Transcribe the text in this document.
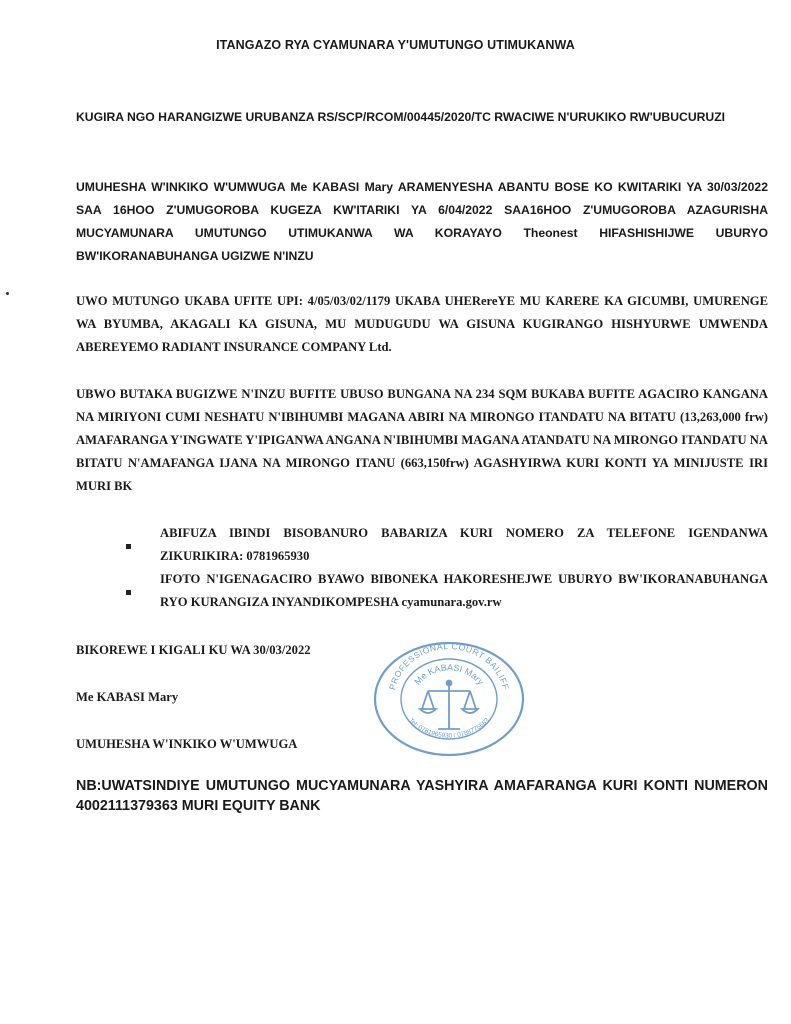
ITANGAZO RYA CYAMUNARA Y'UMUTUNGO UTIMUKANWA
KUGIRA NGO HARANGIZWE URUBANZA RS/SCP/RCOM/00445/2020/TC RWACIWE N'URUKIKO RW'UBUCURUZI
UMUHESHA W'INKIKO W'UMWUGA Me KABASI Mary ARAMENYESHA ABANTU BOSE KO KWITARIKI YA 30/03/2022 SAA 16HOO Z'UMUGOROBA KUGEZA KW'ITARIKI YA 6/04/2022 SAA16HOO Z'UMUGOROBA AZAGURISHA MUCYAMUNARA UMUTUNGO UTIMUKANWA WA KORAYAYO Theonest HIFASHISHIJWE UBURYO BW'IKORANABUHANGA UGIZWE N'INZU
UWO MUTUNGO UKABA UFITE UPI: 4/05/03/02/1179 UKABA UHERereYE MU KARERE KA GICUMBI, UMURENGE WA BYUMBA, AKAGALI KA GISUNA, MU MUDUGUDU WA GISUNA KUGIRANGO HISHYURWE UMWENDA ABEREYEMO RADIANT INSURANCE COMPANY Ltd.
UBWO BUTAKA BUGIZWE N'INZU BUFITE UBUSO BUNGANA NA 234 SQM BUKABA BUFITE AGACIRO KANGANA NA MIRIYONI CUMI NESHATU N'IBIHUMBI MAGANA ABIRI NA MIRONGO ITANDATU NA BITATU (13,263,000 frw) AMAFARANGA Y'INGWATE Y'IPIGANWA ANGANA N'IBIHUMBI MAGANA ATANDATU NA MIRONGO ITANDATU NA BITATU N'AMAFANGA IJANA NA MIRONGO ITANU (663,150frw) AGASHYIRWA KURI KONTI YA MINIJUSTE IRI MURI BK
ABIFUZA IBINDI BISOBANURO BABARIZA KURI NOMERO ZA TELEFONE IGENDANWA ZIKURIKIRA: 0781965930
IFOTO N'IGENAGACIRO BYAWO BIBONEKA HAKORESHEJWE UBURYO BW'IKORANABUHANGA RYO KURANGIZA INYANDIKOMPESHA cyamunara.gov.rw
BIKOREWE I KIGALI KU WA 30/03/2022
Me KABASI Mary
UMUHESHA W'INKIKO W'UMWUGA
PROFESSIONAL COURT BAILIFF
Me KABASI Mary
Tel: 0781965930 / 0788775663
NB:UWATSINDIYE UMUTUNGO MUCYAMUNARA YASHYIRA AMAFARANGA KURI KONTI NUMERON 4002111379363 MURI EQUITY BANK
